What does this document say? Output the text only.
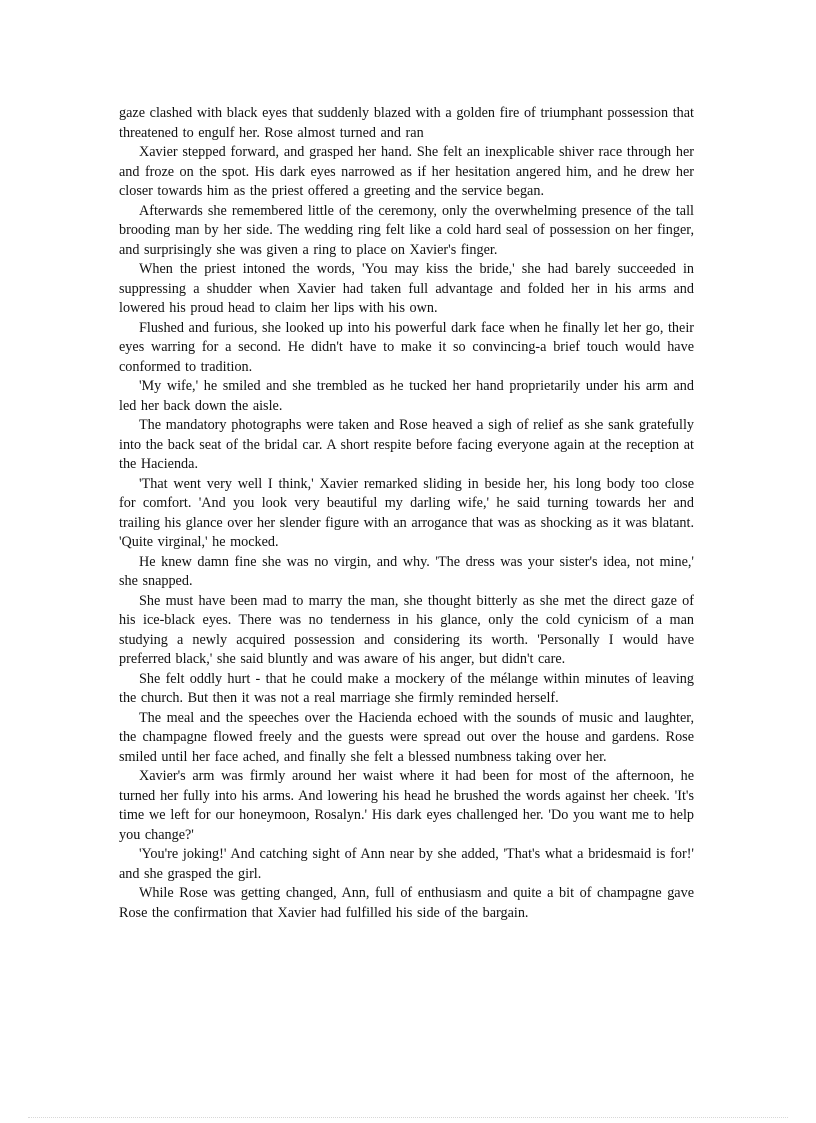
gaze clashed with black eyes that suddenly blazed with a golden fire of triumphant possession that threatened to engulf her. Rose almost turned and ran

Xavier stepped forward, and grasped her hand. She felt an inexplicable shiver race through her and froze on the spot. His dark eyes narrowed as if her hesitation angered him, and he drew her closer towards him as the priest offered a greeting and the service began.

Afterwards she remembered little of the ceremony, only the overwhelming presence of the tall brooding man by her side. The wedding ring felt like a cold hard seal of possession on her finger, and surprisingly she was given a ring to place on Xavier's finger.

When the priest intoned the words, 'You may kiss the bride,' she had barely succeeded in suppressing a shudder when Xavier had taken full advantage and folded her in his arms and lowered his proud head to claim her lips with his own.

Flushed and furious, she looked up into his powerful dark face when he finally let her go, their eyes warring for a second. He didn't have to make it so convincing-a brief touch would have conformed to tradition.

'My wife,' he smiled and she trembled as he tucked her hand proprietarily under his arm and led her back down the aisle.

The mandatory photographs were taken and Rose heaved a sigh of relief as she sank gratefully into the back seat of the bridal car. A short respite before facing everyone again at the reception at the Hacienda.

'That went very well I think,' Xavier remarked sliding in beside her, his long body too close for comfort. 'And you look very beautiful my darling wife,' he said turning towards her and trailing his glance over her slender figure with an arrogance that was as shocking as it was blatant. 'Quite virginal,' he mocked.

He knew damn fine she was no virgin, and why. 'The dress was your sister's idea, not mine,' she snapped.

She must have been mad to marry the man, she thought bitterly as she met the direct gaze of his ice-black eyes. There was no tenderness in his glance, only the cold cynicism of a man studying a newly acquired possession and considering its worth. 'Personally I would have preferred black,' she said bluntly and was aware of his anger, but didn't care.

She felt oddly hurt - that he could make a mockery of the mélange within minutes of leaving the church. But then it was not a real marriage she firmly reminded herself.

The meal and the speeches over the Hacienda echoed with the sounds of music and laughter, the champagne flowed freely and the guests were spread out over the house and gardens. Rose smiled until her face ached, and finally she felt a blessed numbness taking over her.

Xavier's arm was firmly around her waist where it had been for most of the afternoon, he turned her fully into his arms. And lowering his head he brushed the words against her cheek. 'It's time we left for our honeymoon, Rosalyn.' His dark eyes challenged her. 'Do you want me to help you change?'

'You're joking!' And catching sight of Ann near by she added, 'That's what a bridesmaid is for!' and she grasped the girl.

While Rose was getting changed, Ann, full of enthusiasm and quite a bit of champagne gave Rose the confirmation that Xavier had fulfilled his side of the bargain.
